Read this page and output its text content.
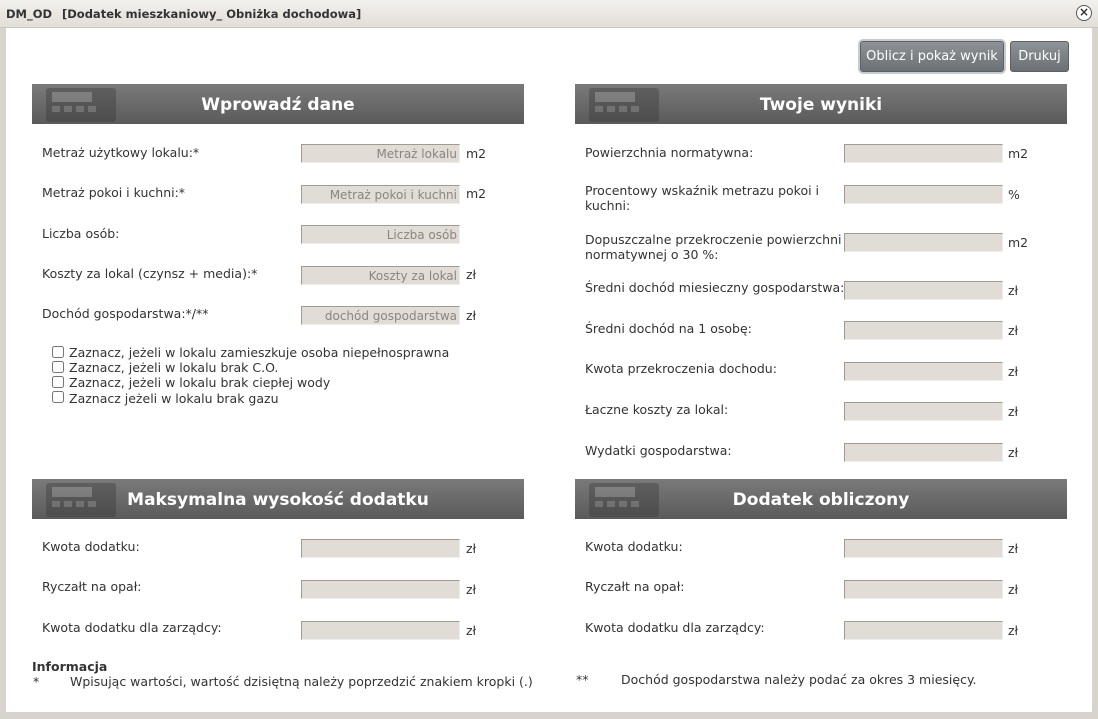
DM_OD [Dodatek mieszkaniowy_ Obniżka dochodowa]	×
Oblicz i pokaż wynik	Drukuj
Wprowadź dane	Twoje wyniki
Maksymalna wysokość dodatku	Dodatek obliczony
Metraż użytkowy lokalu:*
Metraż lokalu	m2
Metraż pokoi i kuchni:*
Metraż pokoi i kuchni	m2
Liczba osób:
Liczba osób
Koszty za lokal (czynsz + media):*
Koszty za lokal	zł
Dochód gospodarstwa:*/**
dochód gospodarstwa	zł
Zaznacz, jeżeli w lokalu zamieszkuje osoba niepełnosprawna
Zaznacz, jeżeli w lokalu brak C.O.
Zaznacz, jeżeli w lokalu brak ciepłej wody
Zaznacz jeżeli w lokalu brak gazu
Powierzchnia normatywna:	m2
Procentowy wskaźnik metrazu pokoi i
kuchni:
%
Dopuszczalne przekroczenie powierzchni
normatywnej o 30 %:
m2
Średni dochód miesieczny gospodarstwa:	zł
Średni dochód na 1 osobę:	zł
Kwota przekroczenia dochodu:	zł
Łaczne koszty za lokal:	zł
Wydatki gospodarstwa:	zł
Kwota dodatku:	zł
Ryczałt na opał:	zł
Kwota dodatku dla zarządcy:	zł
Kwota dodatku:	zł
Ryczałt na opał:	zł
Kwota dodatku dla zarządcy:	zł
Informacja
* Wpisując wartości, wartość dzisiętną należy poprzedzić znakiem kropki (.)	**	Dochód gospodarstwa należy podać za okres 3 miesięcy.
